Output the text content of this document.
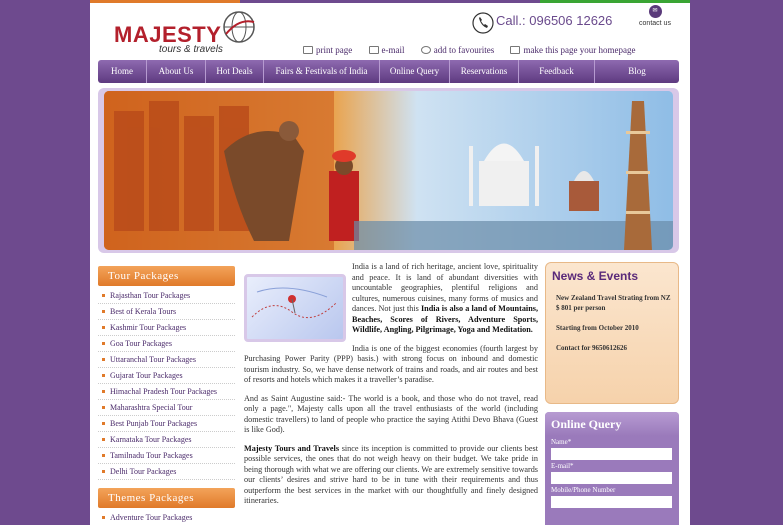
MAJESTY
tours & travels
Call.: 096506 12626
✉
contact us
print page	e-mail	add to favourites	make this page your homepage
Home	About Us	Hot Deals	Fairs & Festivals of India	Online Query	Reservations	Feedback	Blog
Tour Packages
Rajasthan Tour Packages
Best of Kerala Tours
Kashmir Tour Packages
Goa Tour Packages
Uttaranchal Tour Packages
Gujarat Tour Packages
Himachal Pradesh Tour Packages
Maharashtra Special Tour
Best Punjab Tour Packages
Karnataka Tour Packages
Tamilnadu Tour Packages
Delhi Tour Packages
Themes Packages
Adventure Tour Packages

India is a land of rich heritage, ancient love, spirituality and peace. It is land of abundant diversities with uncountable geographies, plentiful religions and cultures, numerous cuisines, many forms of musics and dances. Not just this India is also a land of Mountains, Beaches, Scores of Rivers, Adventure Sports, Wildlife, Angling, Pilgrimage, Yoga and Meditation.

India is one of the biggest economies (fourth largest by Purchasing Power Parity (PPP) basis.) with strong focus on inbound and domestic tourism industry. So, we have dense network of trains and roads, and air routes and best of resorts and hotels which makes it a traveller’s paradise.

And as Saint Augustine said:- The world is a book, and those who do not travel, read only a page.", Majesty calls upon all the travel enthusiasts of the world (including domestic travellers) to land of people who practice the saying Atithi Devo Bhava (Guest is like God).

Majesty Tours and Travels since its inception is committed to provide our clients best possible services, the ones that do not weigh heavy on their budget. We take pride in being thorough with what we are offering our clients. We are extremely sensitive towards our clients’ desires and strive hard to be in tune with their requirements and thus outperform the best services in the market with our thoughtfully and finely designed itineraries.

News & Events
New Zealand Travel Strating from NZ $ 801 per person
Starting from October 2010
Contact for 9650612626
Online Query
Name*
E-mail*
Mobile/Phone Number
